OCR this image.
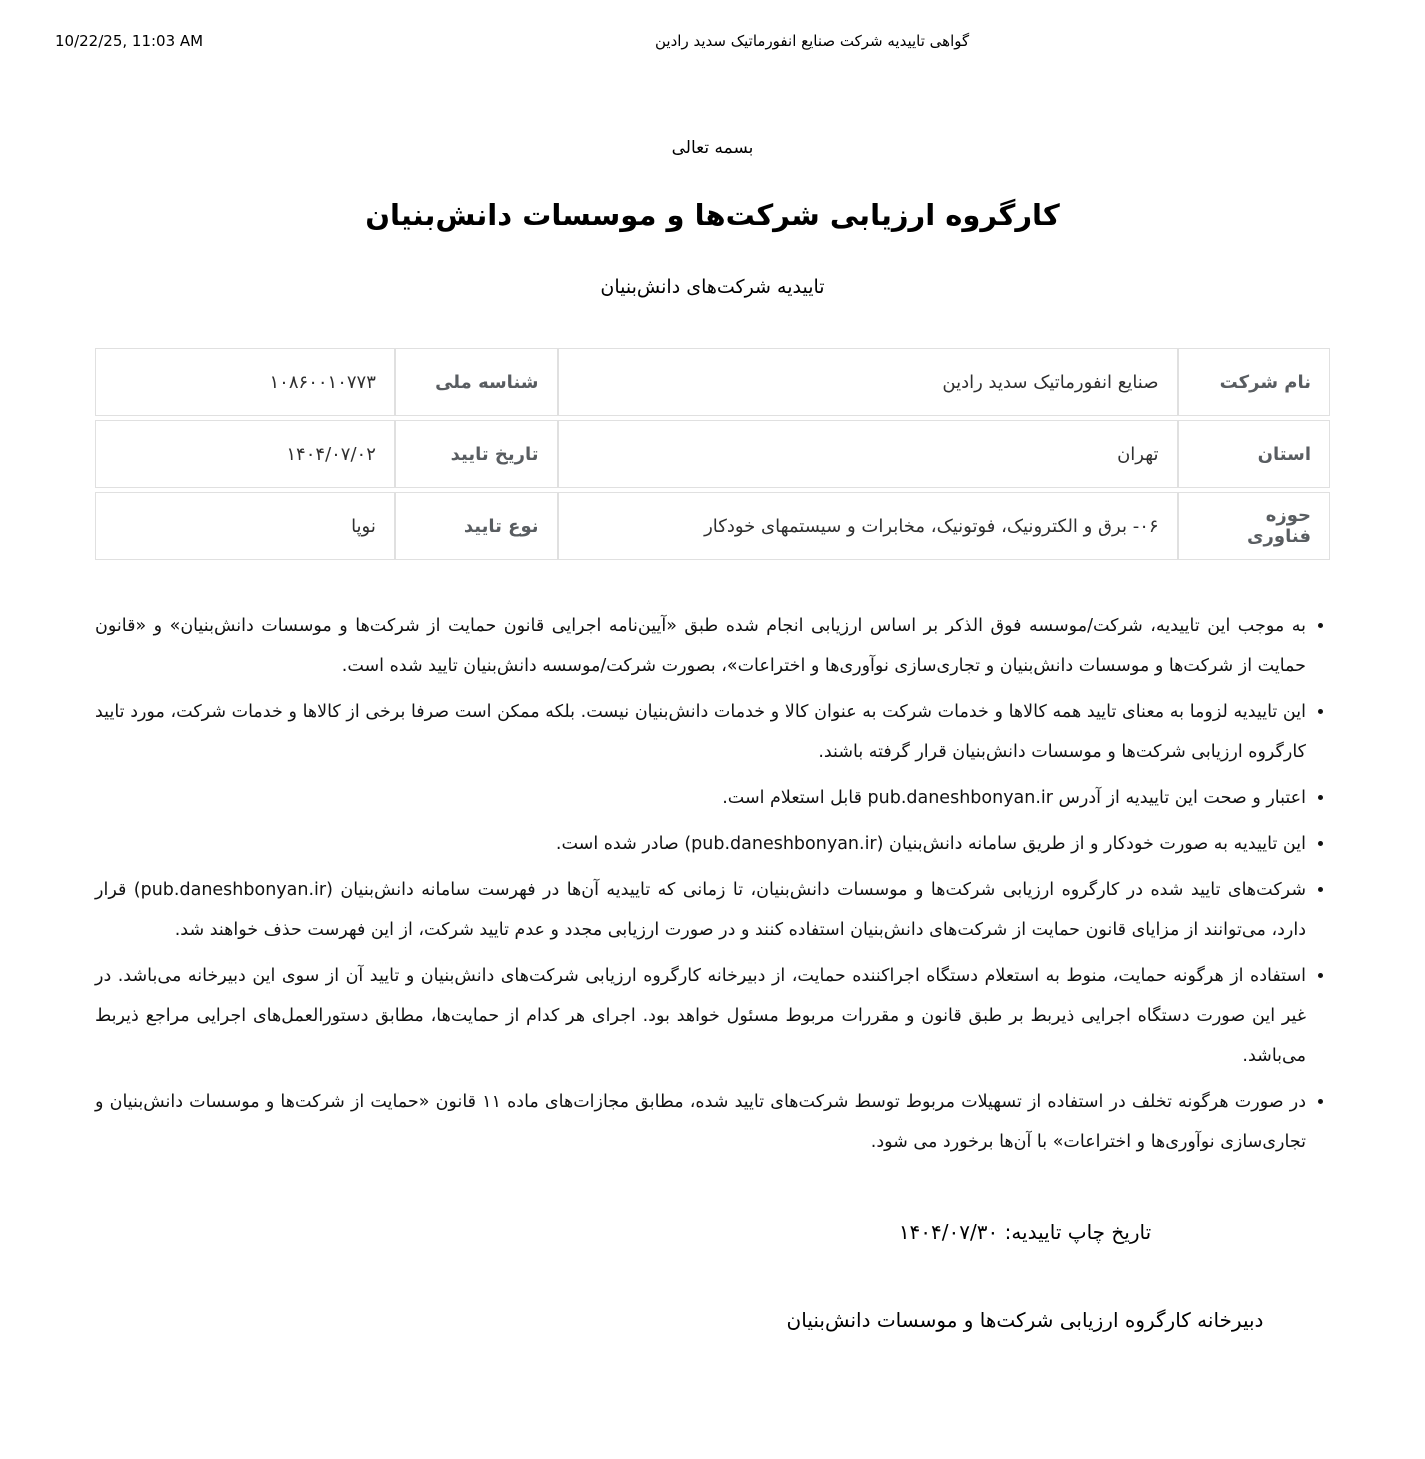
10/22/25, 11:03 AM	گواهی تاییدیه شرکت صنایع انفورماتیک سدید رادین
بسمه تعالی
کارگروه ارزیابی شرکت‌ها و موسسات دانش‌بنیان
تاییدیه شرکت‌های دانش‌بنیان
نام شرکت	صنایع انفورماتیک سدید رادین	شناسه ملی	۱۰۸۶۰۰۱۰۷۷۳
استان	تهران	تاریخ تایید	۱۴۰۴/۰۷/۰۲
حوزه فناوری	۰۶- برق و الکترونیک، فوتونیک، مخابرات و سیستمهای خودکار	نوع تایید	نوپا
• به موجب این تاییدیه، شرکت/موسسه فوق الذکر بر اساس ارزیابی انجام شده طبق «آیین‌نامه اجرایی قانون حمایت از شرکت‌ها و موسسات دانش‌بنیان» و «قانون حمایت از شرکت‌ها و موسسات دانش‌بنیان و تجاری‌سازی نوآوری‌ها و اختراعات»، بصورت شرکت/موسسه دانش‌بنیان تایید شده است.
• این تاییدیه لزوما به معنای تایید همه کالاها و خدمات شرکت به عنوان کالا و خدمات دانش‌بنیان نیست. بلکه ممکن است صرفا برخی از کالاها و خدمات شرکت، مورد تایید کارگروه ارزیابی شرکت‌ها و موسسات دانش‌بنیان قرار گرفته باشند.
• اعتبار و صحت این تاییدیه از آدرس pub.daneshbonyan.ir قابل استعلام است.
• این تاییدیه به صورت خودکار و از طریق سامانه دانش‌بنیان (pub.daneshbonyan.ir) صادر شده است.
• شرکت‌های تایید شده در کارگروه ارزیابی شرکت‌ها و موسسات دانش‌بنیان، تا زمانی که تاییدیه آن‌ها در فهرست سامانه دانش‌بنیان (pub.daneshbonyan.ir) قرار دارد، می‌توانند از مزایای قانون حمایت از شرکت‌های دانش‌بنیان استفاده کنند و در صورت ارزیابی مجدد و عدم تایید شرکت، از این فهرست حذف خواهند شد.
• استفاده از هرگونه حمایت، منوط به استعلام دستگاه اجراکننده حمایت، از دبیرخانه کارگروه ارزیابی شرکت‌های دانش‌بنیان و تایید آن از سوی این دبیرخانه می‌باشد. در غیر این صورت دستگاه اجرایی ذیربط بر طبق قانون و مقررات مربوط مسئول خواهد بود. اجرای هر کدام از حمایت‌ها، مطابق دستورالعمل‌های اجرایی مراجع ذیربط می‌باشد.
• در صورت هرگونه تخلف در استفاده از تسهیلات مربوط توسط شرکت‌های تایید شده، مطابق مجازات‌های ماده ۱۱ قانون «حمایت از شرکت‌ها و موسسات دانش‌بنیان و تجاری‌سازی نوآوری‌ها و اختراعات» با آن‌ها برخورد می شود.
تاریخ چاپ تاییدیه: ۱۴۰۴/۰۷/۳۰
دبیرخانه کارگروه ارزیابی شرکت‌ها و موسسات دانش‌بنیان
